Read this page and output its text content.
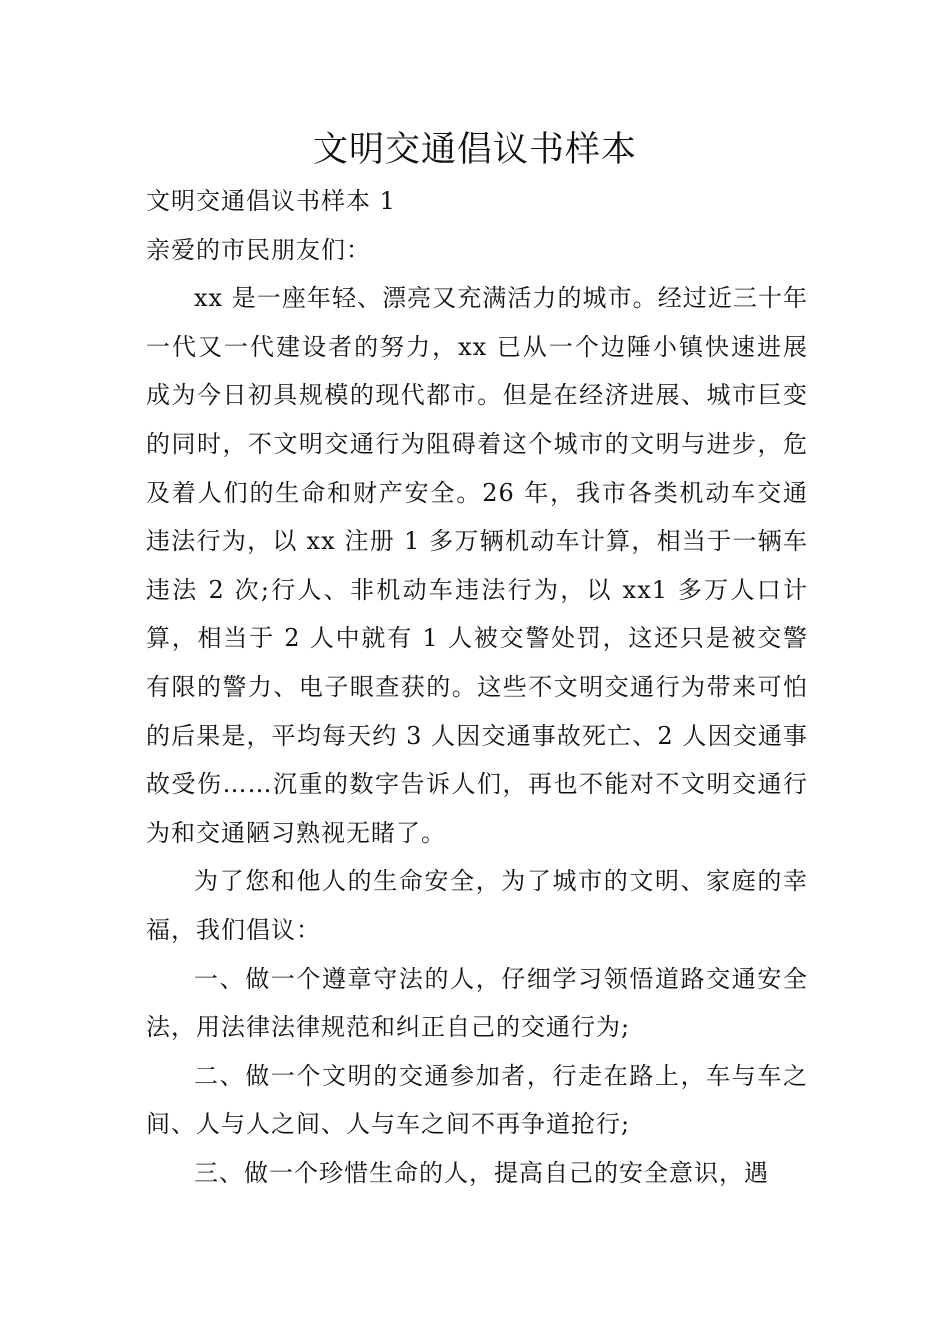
文明交通倡议书样本

文明交通倡议书样本 1

亲爱的市民朋友们：

xx 是一座年轻、漂亮又充满活力的城市。经过近三十年一代又一代建设者的努力，xx 已从一个边陲小镇快速进展成为今日初具规模的现代都市。但是在经济进展、城市巨变的同时，不文明交通行为阻碍着这个城市的文明与进步，危及着人们的生命和财产安全。26 年，我市各类机动车交通违法行为，以 xx 注册 1 多万辆机动车计算，相当于一辆车违法 2 次;行人、非机动车违法行为，以 xx1 多万人口计算，相当于 2 人中就有 1 人被交警处罚，这还只是被交警有限的警力、电子眼查获的。这些不文明交通行为带来可怕的后果是，平均每天约 3 人因交通事故死亡、2 人因交通事故受伤……沉重的数字告诉人们，再也不能对不文明交通行为和交通陋习熟视无睹了。

为了您和他人的生命安全，为了城市的文明、家庭的幸福，我们倡议：

一、做一个遵章守法的人，仔细学习领悟道路交通安全法，用法律法律规范和纠正自己的交通行为;

二、做一个文明的交通参加者，行走在路上，车与车之间、人与人之间、人与车之间不再争道抢行;

三、做一个珍惜生命的人，提高自己的安全意识，遇
